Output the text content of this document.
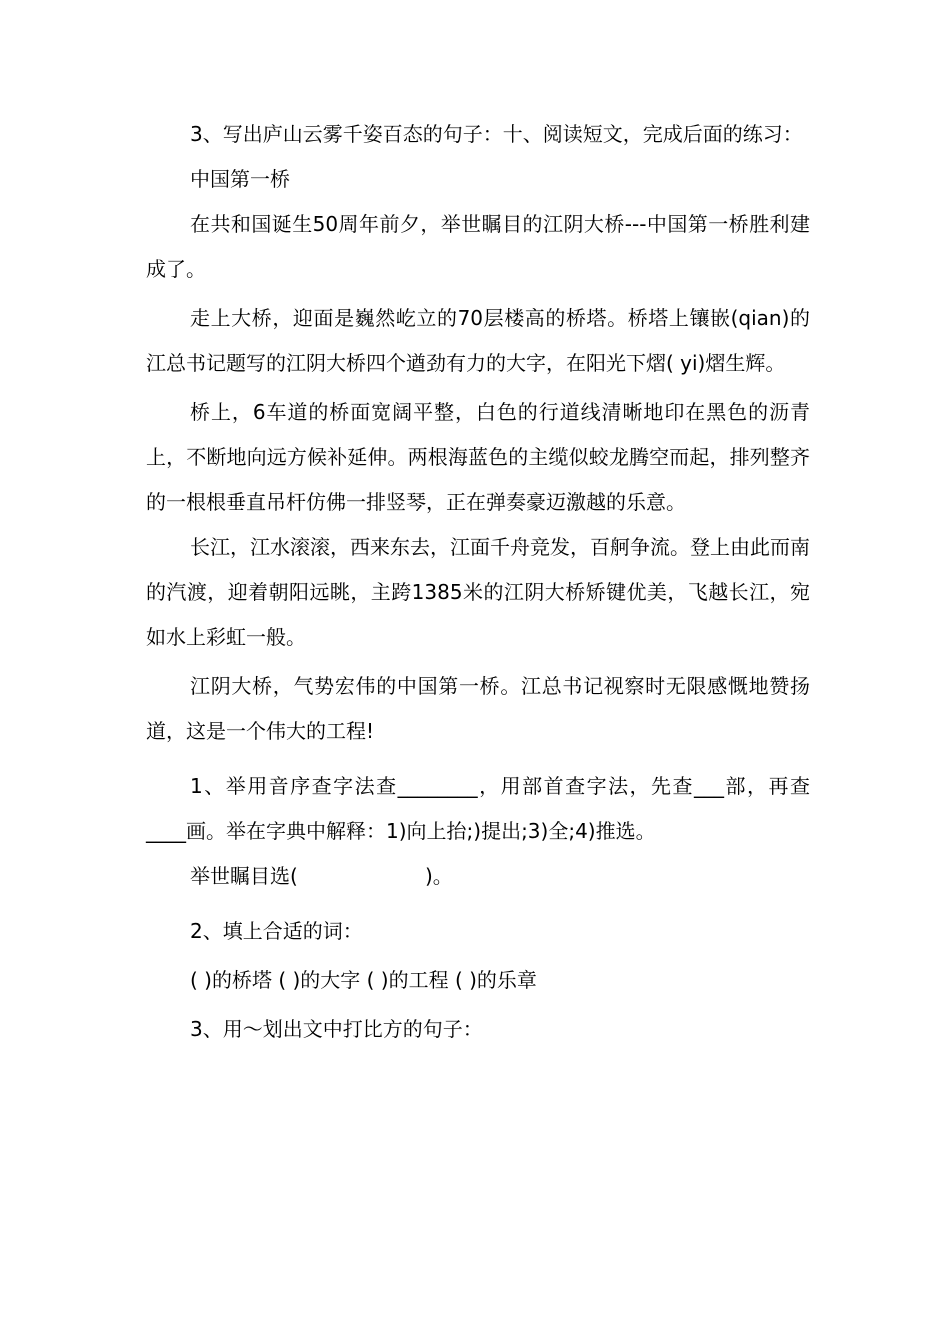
3、写出庐山云雾千姿百态的句子：十、阅读短文，完成后面的练习：

中国第一桥

在共和国诞生50周年前夕，举世瞩目的江阴大桥---中国第一桥胜利建成了。

走上大桥，迎面是巍然屹立的70层楼高的桥塔。桥塔上镶嵌(qian)的江总书记题写的江阴大桥四个遒劲有力的大字，在阳光下熠( yi)熠生辉。

桥上，6车道的桥面宽阔平整，白色的行道线清晰地印在黑色的沥青上，不断地向远方候补延伸。两根海蓝色的主缆似蛟龙腾空而起，排列整齐的一根根垂直吊杆仿佛一排竖琴，正在弹奏豪迈激越的乐意。

长江，江水滚滚，西来东去，江面千舟竞发，百舸争流。登上由此而南的汽渡，迎着朝阳远眺，主跨1385米的江阴大桥矫键优美，飞越长江，宛如水上彩虹一般。

江阴大桥，气势宏伟的中国第一桥。江总书记视察时无限感慨地赞扬道，这是一个伟大的工程!

1、举用音序查字法查________，用部首查字法，先查___部，再查____画。举在字典中解释：1)向上抬;)提出;3)全;4)推选。

举世瞩目选(                    )。

2、填上合适的词：

( )的桥塔 ( )的大字 ( )的工程 ( )的乐章

3、用～划出文中打比方的句子：
